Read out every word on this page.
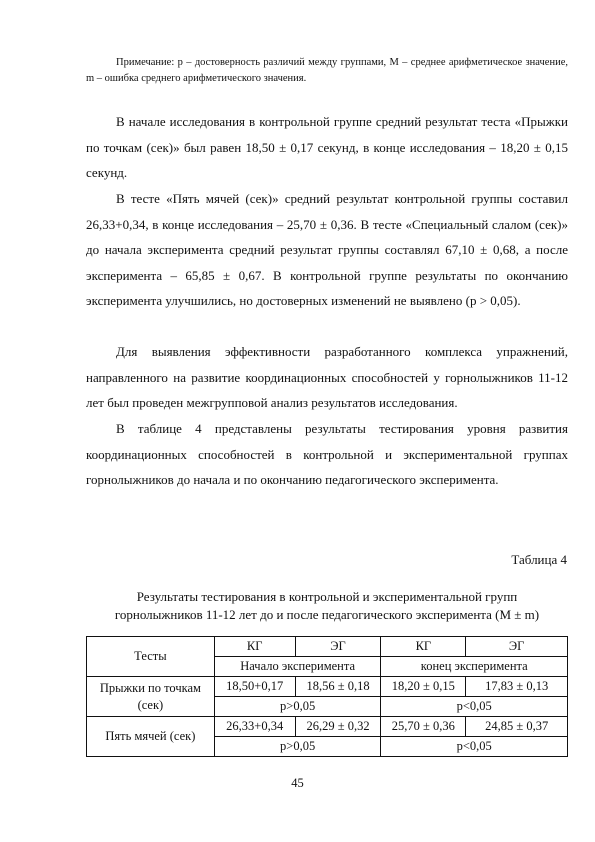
Примечание: p – достоверность различий между группами, M – среднее арифметическое значение, m – ошибка среднего арифметического значения.

В начале исследования в контрольной группе средний результат теста «Прыжки по точкам (сек)» был равен 18,50 ± 0,17 секунд, в конце исследования – 18,20 ± 0,15 секунд.

В тесте «Пять мячей (сек)» средний результат контрольной группы составил 26,33+0,34, в конце исследования – 25,70 ± 0,36. В тесте «Специальный слалом (сек)» до начала эксперимента средний результат группы составлял 67,10 ± 0,68, а после эксперимента – 65,85 ± 0,67. В контрольной группе результаты по окончанию эксперимента улучшились, но достоверных изменений не выявлено (p > 0,05).

Для выявления эффективности разработанного комплекса упражнений, направленного на развитие координационных способностей у горнолыжников 11-12 лет был проведен межгрупповой анализ результатов исследования.

В таблице 4 представлены результаты тестирования уровня развития координационных способностей в контрольной и экспериментальной группах горнолыжников до начала и по окончанию педагогического эксперимента.

Таблица 4
Результаты тестирования в контрольной и экспериментальной групп
горнолыжников 11-12 лет до и после педагогического эксперимента (M ± m)
Тесты	КГ	ЭГ	КГ	ЭГ
	Начало эксперимента		конец эксперимента	

Прыжки по точкам
(сек)	18,50+0,17	18,56 ± 0,18	18,20 ± 0,15	17,83 ± 0,13
	p>0,05		p<0,05	
Пять мячей (сек)	26,33+0,34	26,29 ± 0,32	25,70 ± 0,36	24,85 ± 0,37
	p>0,05		p<0,05	
45
